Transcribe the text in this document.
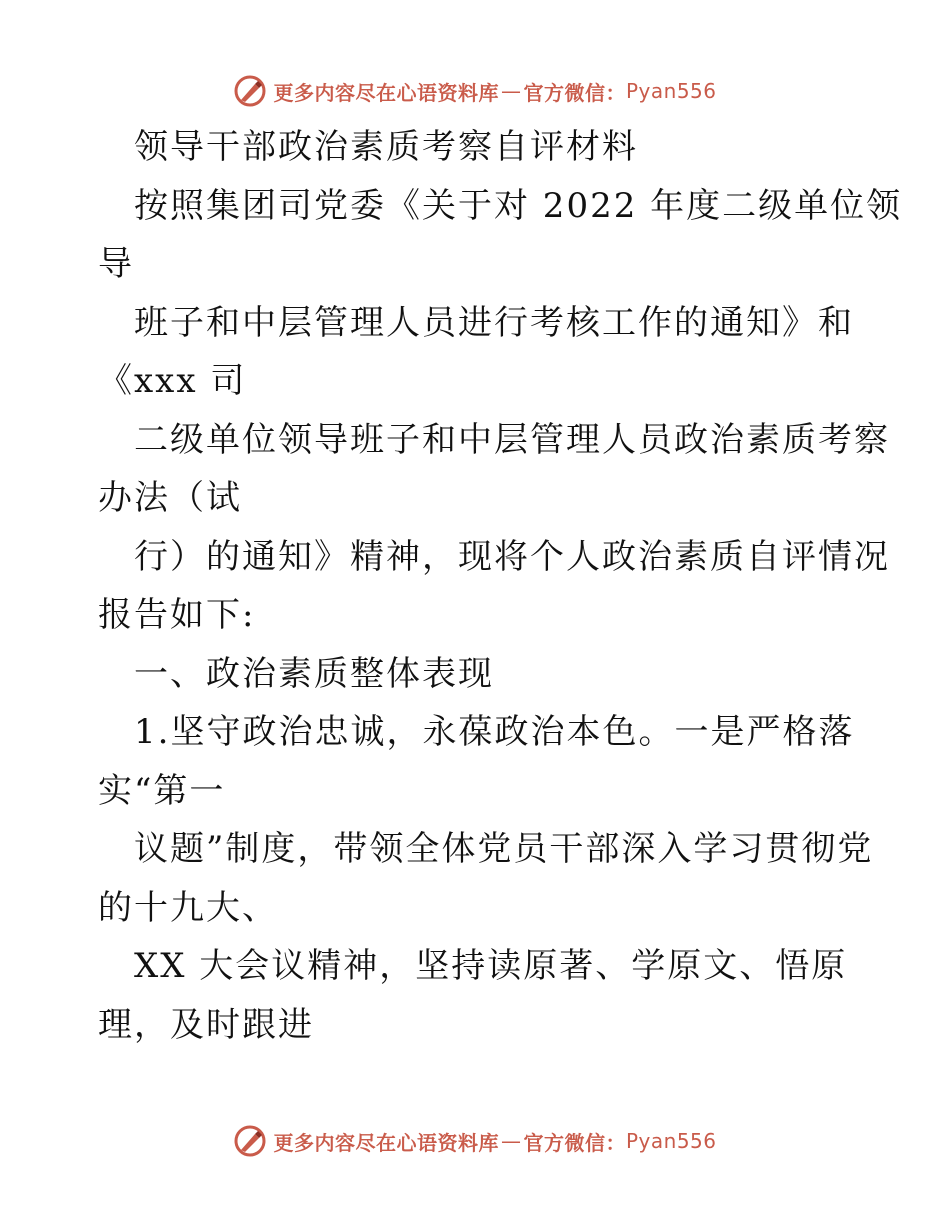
更多内容尽在心语资料库 — 官方微信： Pyan556
领导干部政治素质考察自评材料
按照集团司党委《关于对 2022 年度二级单位领
导
班子和中层管理人员进行考核工作的通知》和
《xxx 司
二级单位领导班子和中层管理人员政治素质考察
办法（试
行）的通知》精神，现将个人政治素质自评情况
报告如下:
一、政治素质整体表现
1.坚守政治忠诚，永葆政治本色。一是严格落
实“第一
议题”制度，带领全体党员干部深入学习贯彻党
的十九大、
XX 大会议精神，坚持读原著、学原文、悟原
理，及时跟进
更多内容尽在心语资料库 — 官方微信： Pyan556
